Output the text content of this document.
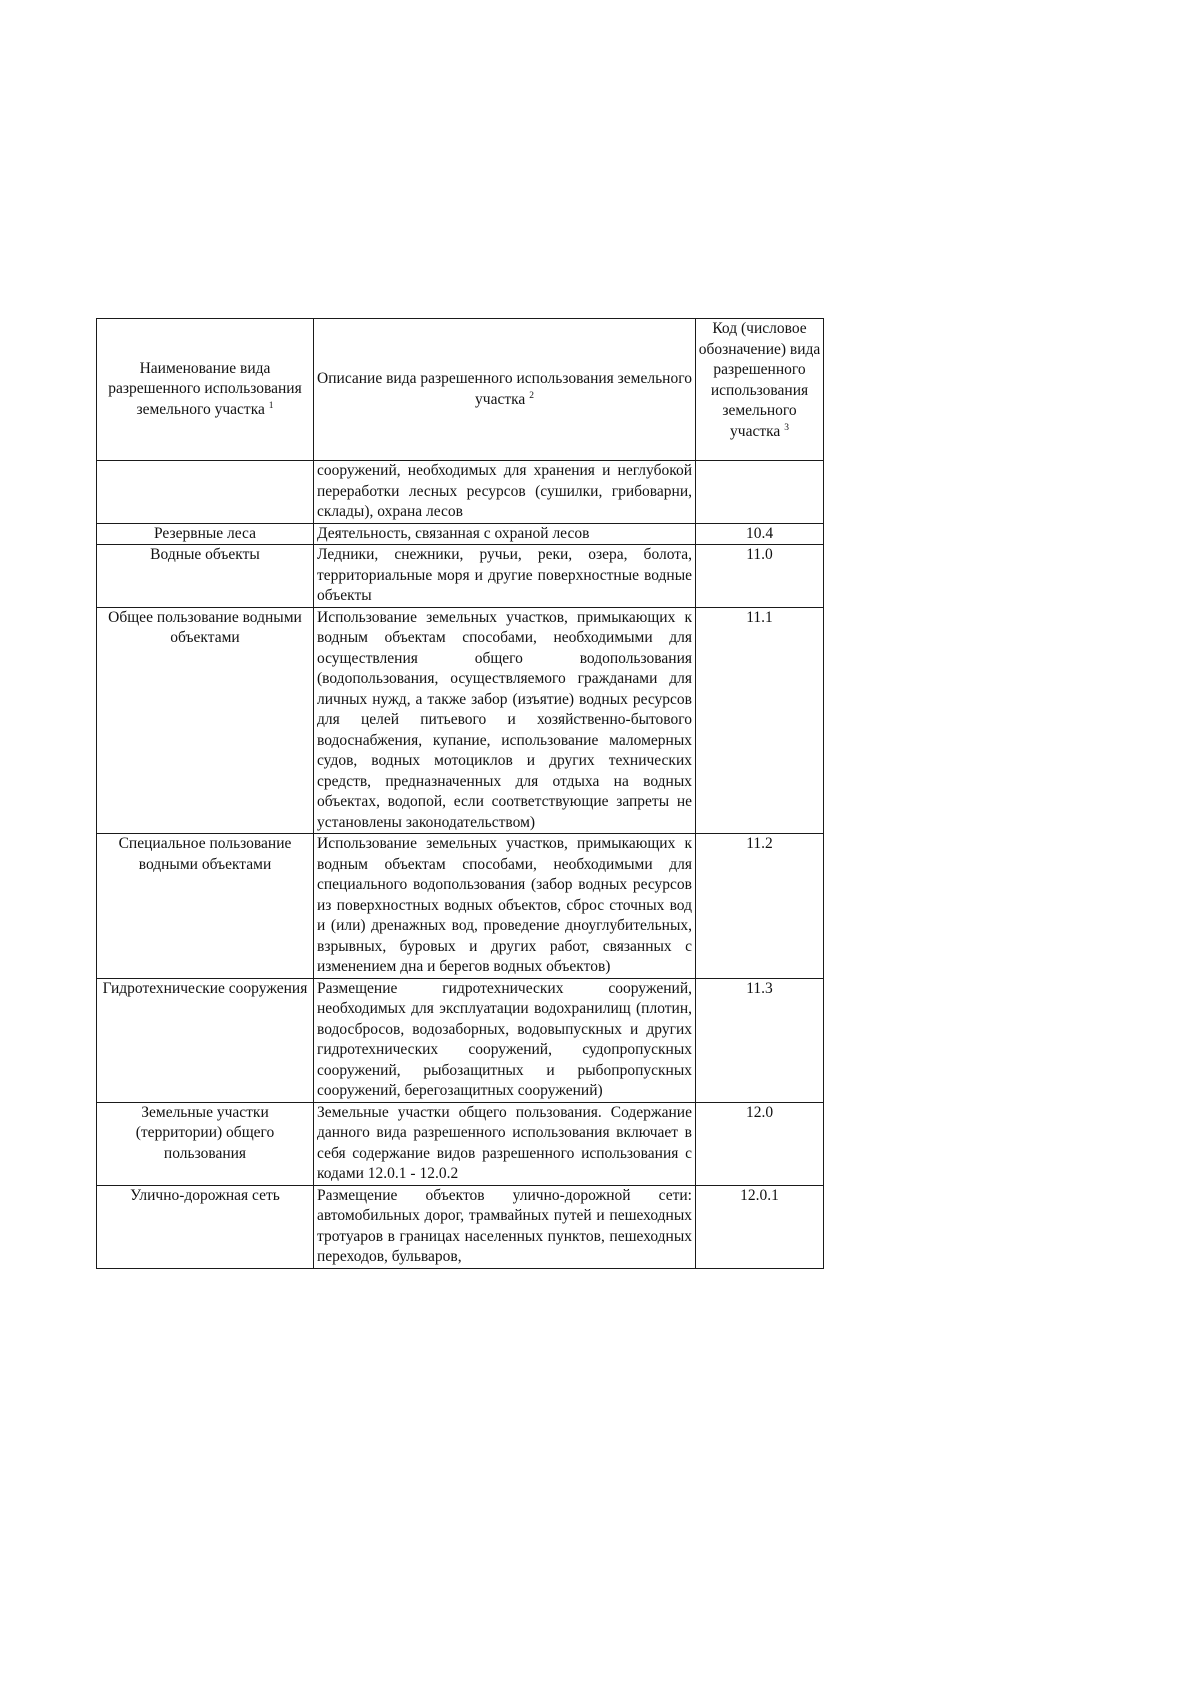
Наименование вида разрешенного использования земельного участка $^1$	Описание вида разрешенного использования земельного участка $^2$	Код (числовое обозначение) вида разрешенного использования земельного участка $^3$
	сооружений, необходимых для хранения и неглубокой переработки лесных ресурсов (сушилки, грибоварни, склады), охрана лесов	
Резервные леса	Деятельность, связанная с охраной лесов	10.4
Водные объекты	Ледники, снежники, ручьи, реки, озера, болота, территориальные моря и другие поверхностные водные объекты	11.0
Общее пользование водными объектами	Использование земельных участков, примыкающих к водным объектам способами, необходимыми для осуществления общего водопользования (водопользования, осуществляемого гражданами для личных нужд, а также забор (изъятие) водных ресурсов для целей питьевого и хозяйственно-бытового водоснабжения, купание, использование маломерных судов, водных мотоциклов и других технических средств, предназначенных для отдыха на водных объектах, водопой, если соответствующие запреты не установлены законодательством)	11.1
Специальное пользование водными объектами	Использование земельных участков, примыкающих к водным объектам способами, необходимыми для специального водопользования (забор водных ресурсов из поверхностных водных объектов, сброс сточных вод и (или) дренажных вод, проведение дноуглубительных, взрывных, буровых и других работ, связанных с изменением дна и берегов водных объектов)	11.2
Гидротехнические сооружения	Размещение гидротехнических сооружений, необходимых для эксплуатации водохранилищ (плотин, водосбросов, водозаборных, водовыпускных и других гидротехнических сооружений, судопропускных сооружений, рыбозащитных и рыбопропускных сооружений, берегозащитных сооружений)	11.3
Земельные участки (территории) общего пользования	Земельные участки общего пользования. Содержание данного вида разрешенного использования включает в себя содержание видов разрешенного использования с кодами 12.0.1 - 12.0.2	12.0
Улично-дорожная сеть	Размещение объектов улично-дорожной сети: автомобильных дорог, трамвайных путей и пешеходных тротуаров в границах населенных пунктов, пешеходных переходов, бульваров,	12.0.1
